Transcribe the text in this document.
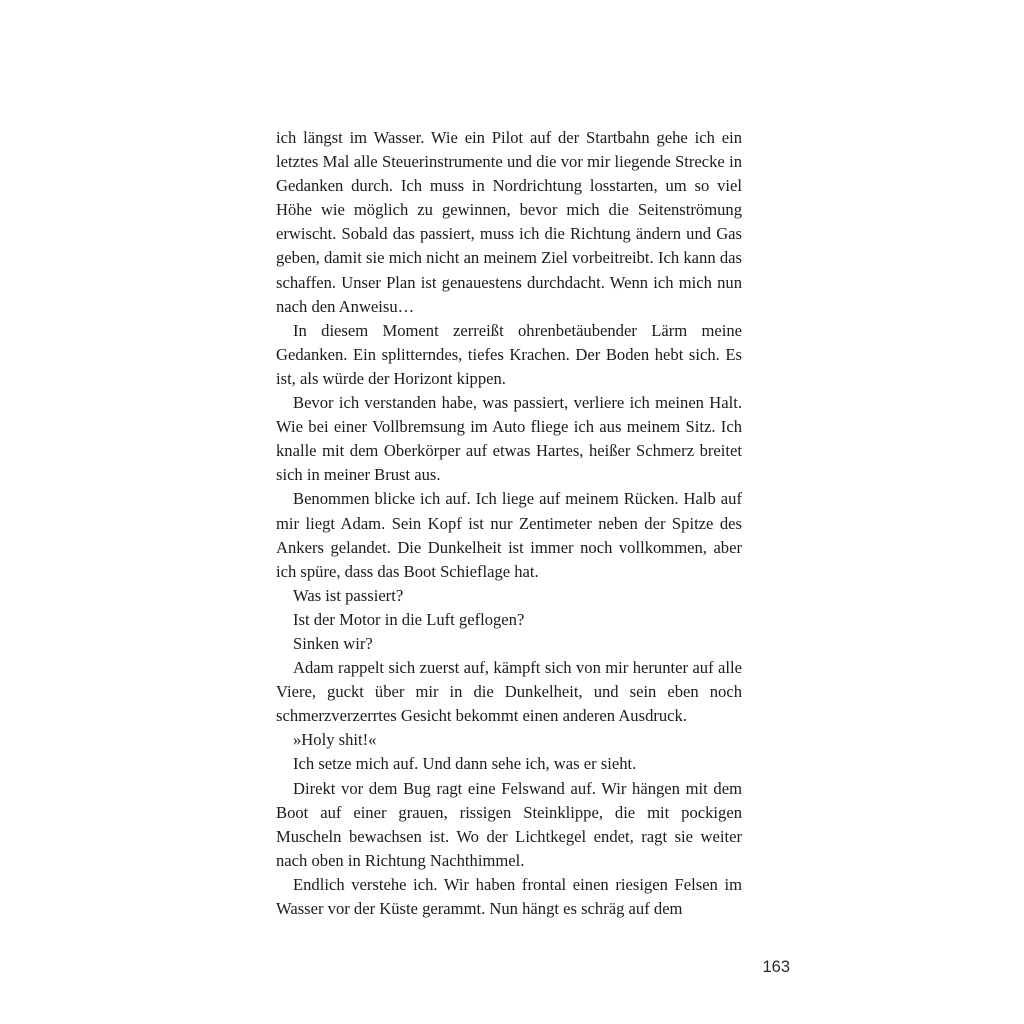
ich längst im Wasser. Wie ein Pilot auf der Startbahn gehe ich ein letztes Mal alle Steuerinstrumente und die vor mir liegende Strecke in Gedanken durch. Ich muss in Nordrichtung losstarten, um so viel Höhe wie möglich zu gewinnen, bevor mich die Seitenströmung erwischt. Sobald das passiert, muss ich die Richtung ändern und Gas geben, damit sie mich nicht an meinem Ziel vorbeitreibt. Ich kann das schaffen. Unser Plan ist genauestens durchdacht. Wenn ich mich nun nach den Anweisu…

In diesem Moment zerreißt ohrenbetäubender Lärm meine Gedanken. Ein splitterndes, tiefes Krachen. Der Boden hebt sich. Es ist, als würde der Horizont kippen.

Bevor ich verstanden habe, was passiert, verliere ich meinen Halt. Wie bei einer Vollbremsung im Auto fliege ich aus meinem Sitz. Ich knalle mit dem Oberkörper auf etwas Hartes, heißer Schmerz breitet sich in meiner Brust aus.

Benommen blicke ich auf. Ich liege auf meinem Rücken. Halb auf mir liegt Adam. Sein Kopf ist nur Zentimeter neben der Spitze des Ankers gelandet. Die Dunkelheit ist immer noch vollkommen, aber ich spüre, dass das Boot Schieflage hat.

Was ist passiert?

Ist der Motor in die Luft geflogen?

Sinken wir?

Adam rappelt sich zuerst auf, kämpft sich von mir herunter auf alle Viere, guckt über mir in die Dunkelheit, und sein eben noch schmerzverzerrtes Gesicht bekommt einen anderen Ausdruck.

»Holy shit!«

Ich setze mich auf. Und dann sehe ich, was er sieht.

Direkt vor dem Bug ragt eine Felswand auf. Wir hängen mit dem Boot auf einer grauen, rissigen Steinklippe, die mit pockigen Muscheln bewachsen ist. Wo der Lichtkegel endet, ragt sie weiter nach oben in Richtung Nachthimmel.

Endlich verstehe ich. Wir haben frontal einen riesigen Felsen im Wasser vor der Küste gerammt. Nun hängt es schräg auf dem

163
